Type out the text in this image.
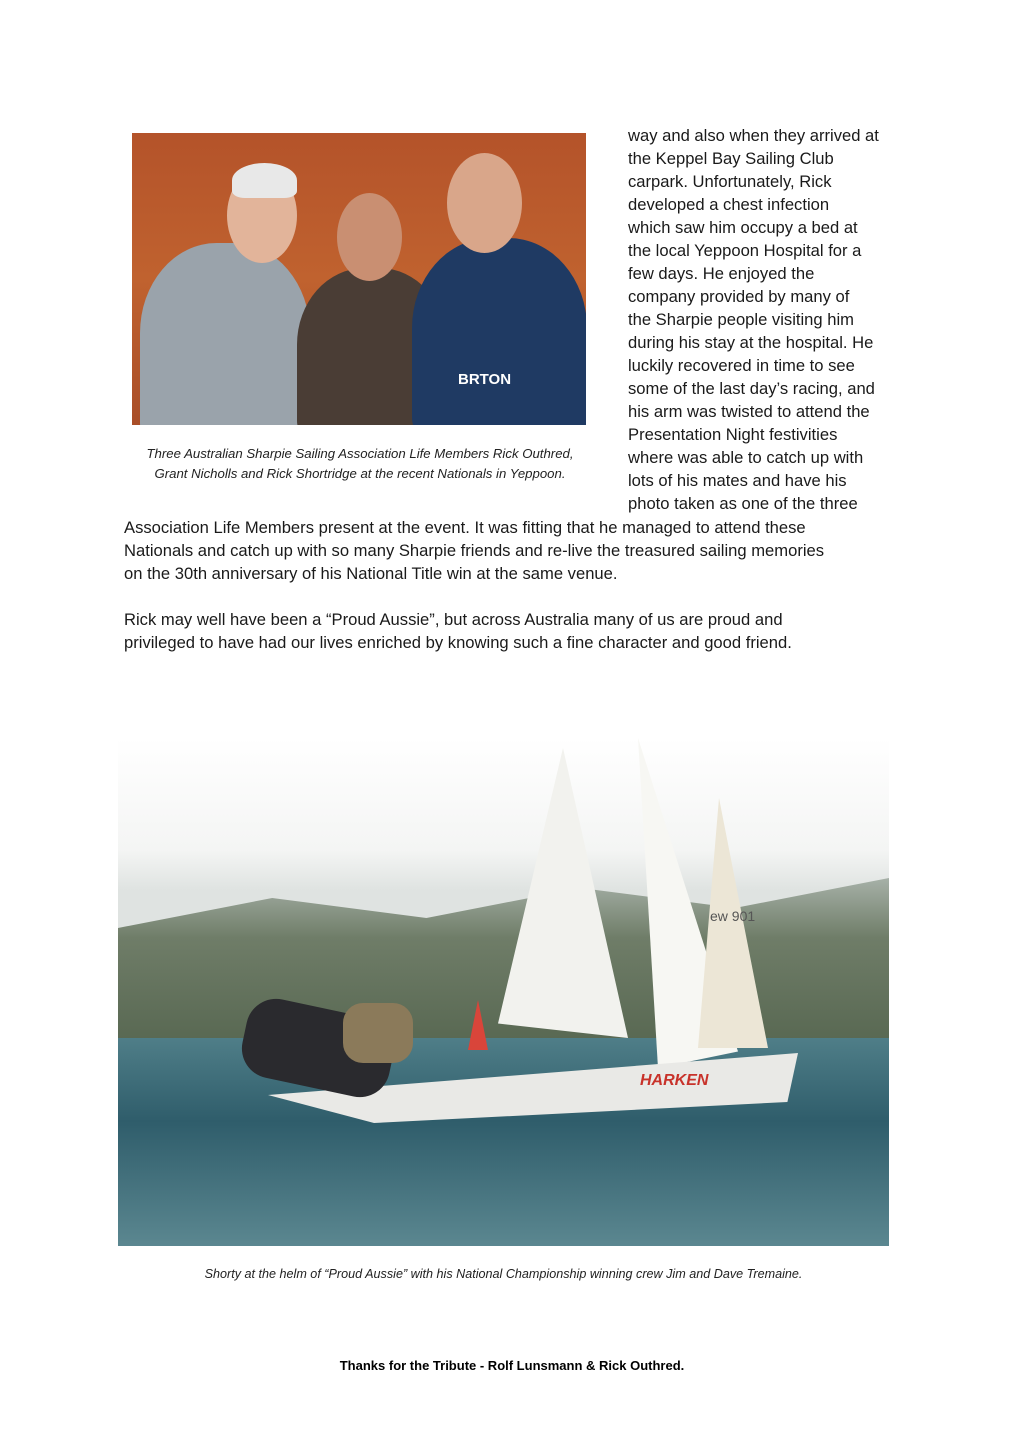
BRTON
Three Australian Sharpie Sailing Association Life Members Rick Outhred,
Grant Nicholls and Rick Shortridge at the recent Nationals in Yeppoon.
way and also when they arrived at
the Keppel Bay Sailing Club
carpark. Unfortunately, Rick
developed a chest infection
which saw him occupy a bed at
the local Yeppoon Hospital for a
few days. He enjoyed the
company provided by many of
the Sharpie people visiting him
during his stay at the hospital. He
luckily recovered in time to see
some of the last day’s racing, and
his arm was twisted to attend the
Presentation Night festivities
where was able to catch up with
lots of his mates and have his
photo taken as one of the three
Association Life Members present at the event. It was fitting that he managed to attend these
Nationals and catch up with so many Sharpie friends and re-live the treasured sailing memories
on the 30th anniversary of his National Title win at the same venue.
Rick may well have been a “Proud Aussie”, but across Australia many of us are proud and
privileged to have had our lives enriched by knowing such a fine character and good friend.
ew 901
HARKEN
Shorty at the helm of “Proud Aussie” with his National Championship winning crew Jim and Dave Tremaine.
Thanks for the Tribute - Rolf Lunsmann & Rick Outhred.
